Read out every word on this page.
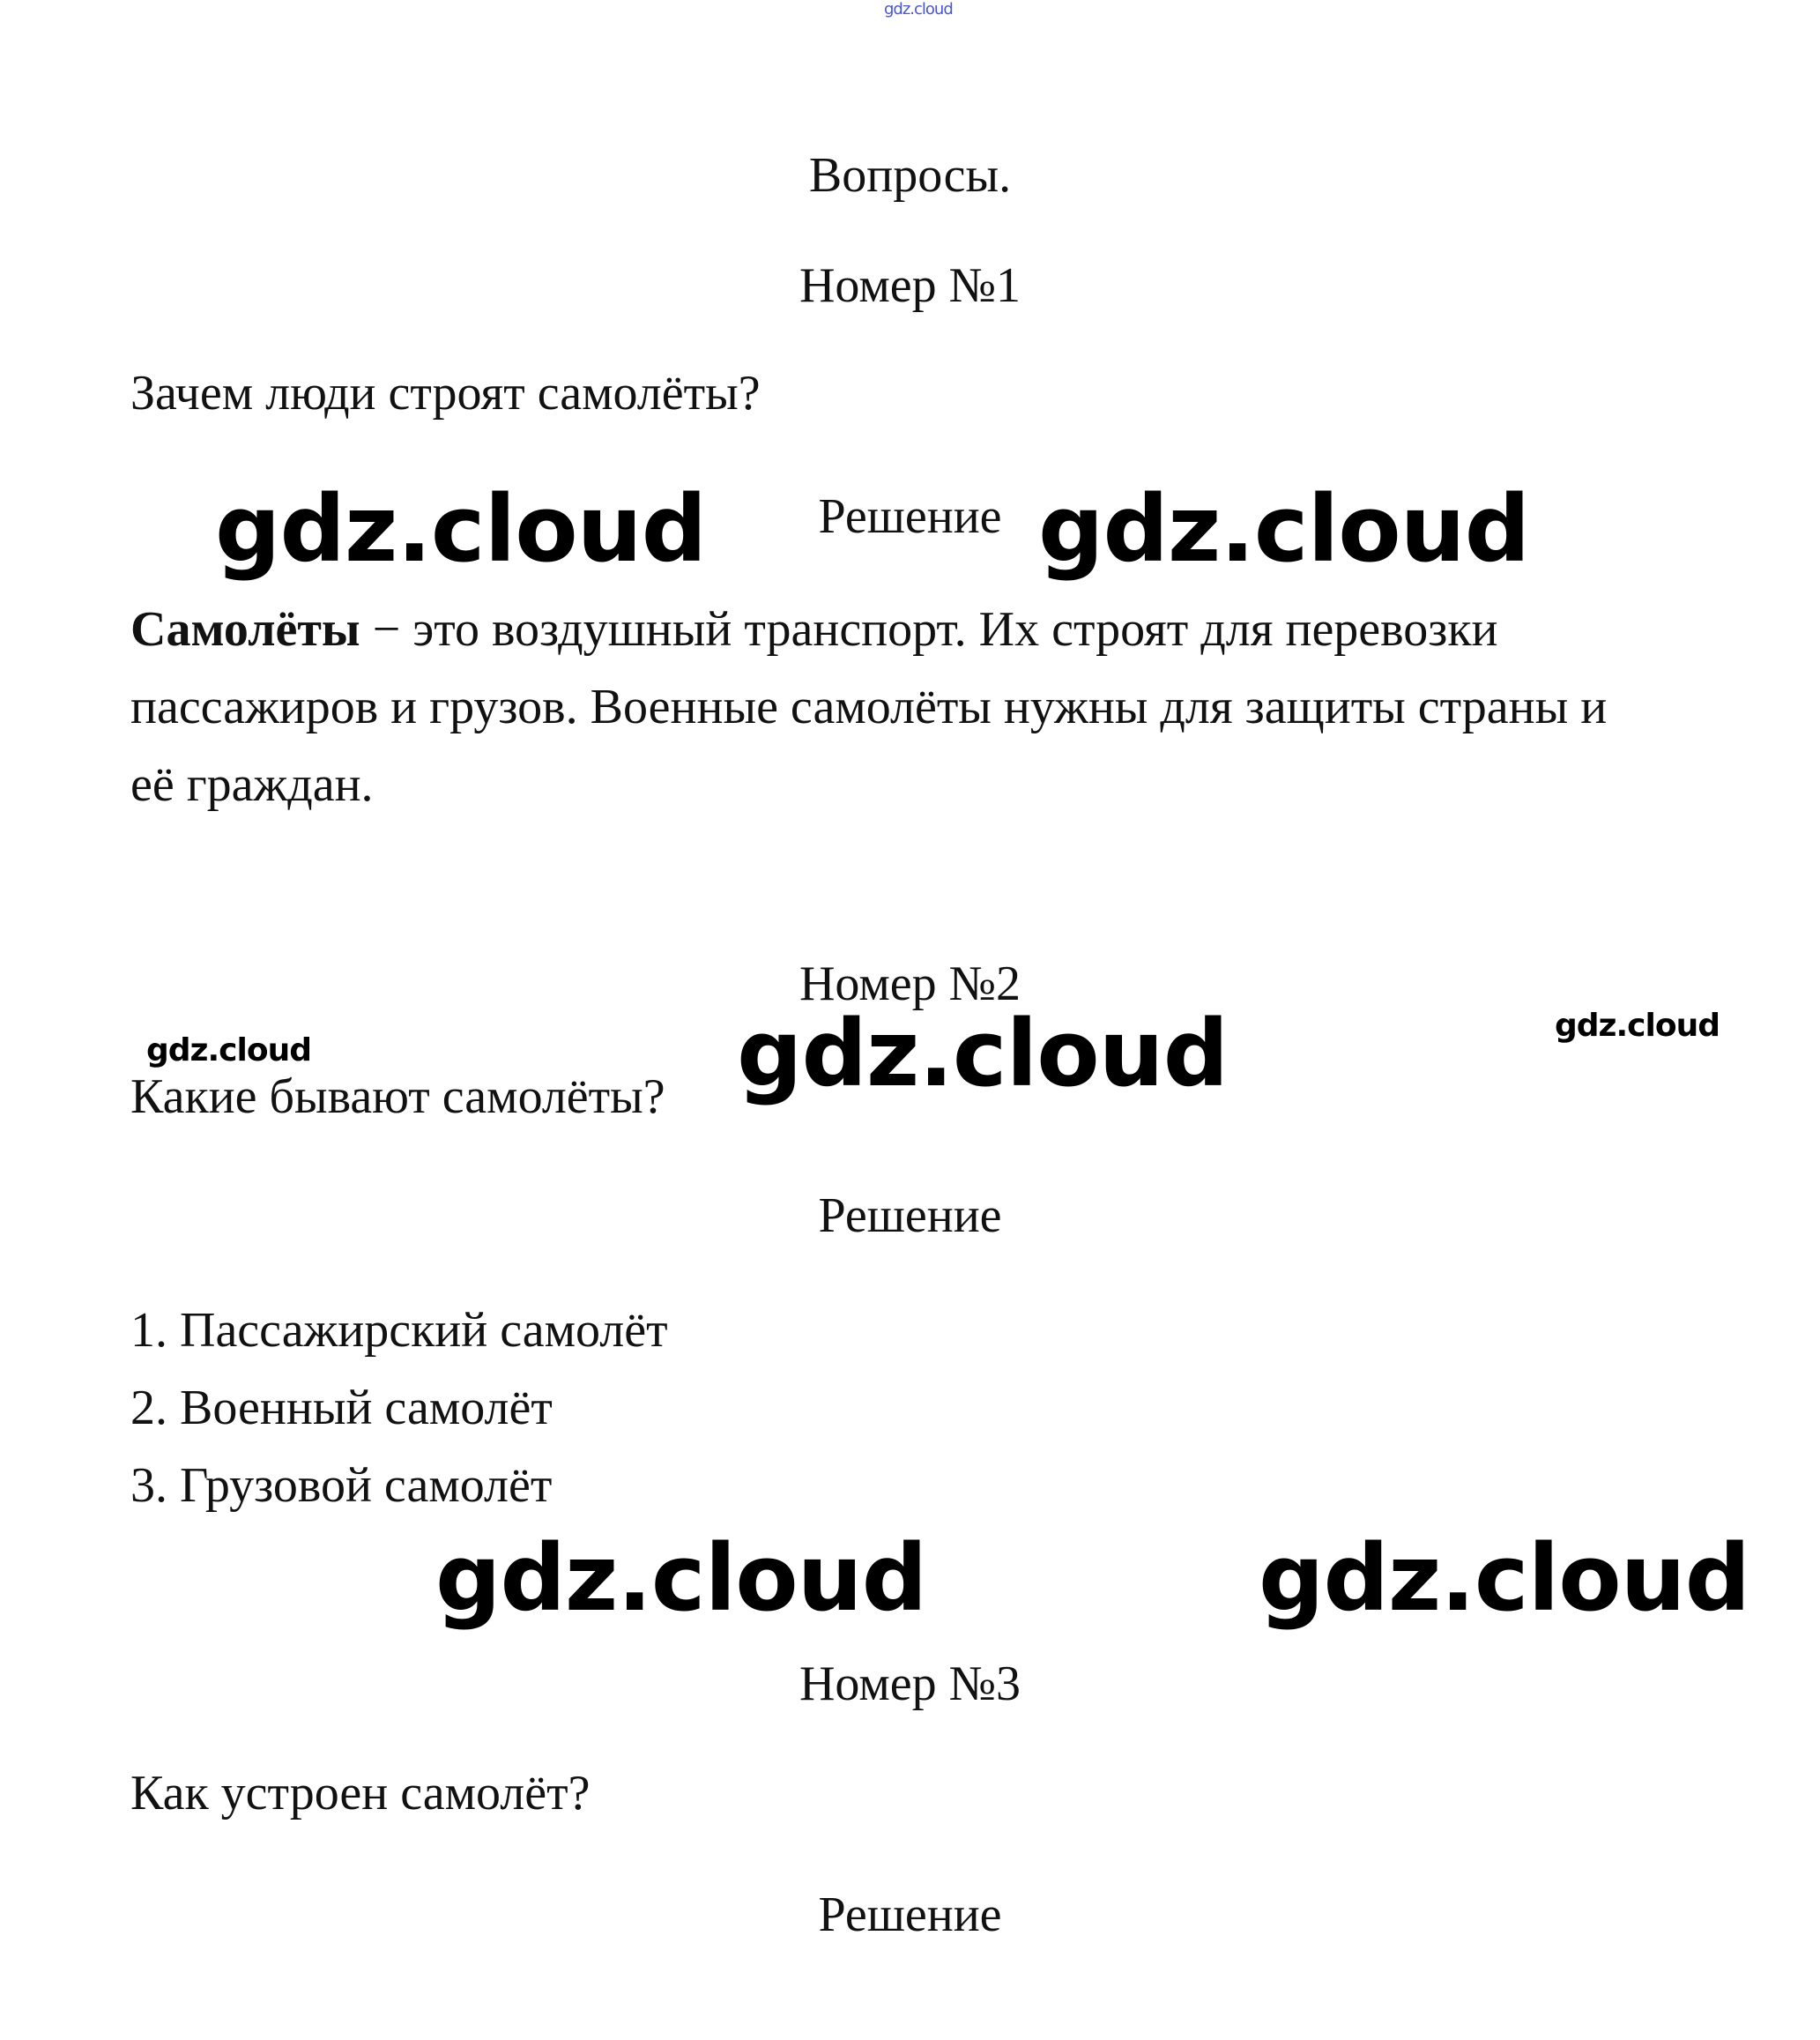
gdz.cloud
Вопросы.
Номер №1
Зачем люди строят самолёты?
gdz.cloud	Решение gdz.cloud
Самолёты − это воздушный транспорт. Их строят для перевозки
пассажиров и грузов. Военные самолёты нужны для защиты страны и
её граждан.
Номер №2
gdz.cloud
gdz.cloud	gdz.cloud
Какие бывают самолёты?
Решение
1. Пассажирский самолёт
2. Военный самолёт
3. Грузовой самолёт
gdz.cloud	gdz.cloud
Номер №3
Как устроен самолёт?
Решение
